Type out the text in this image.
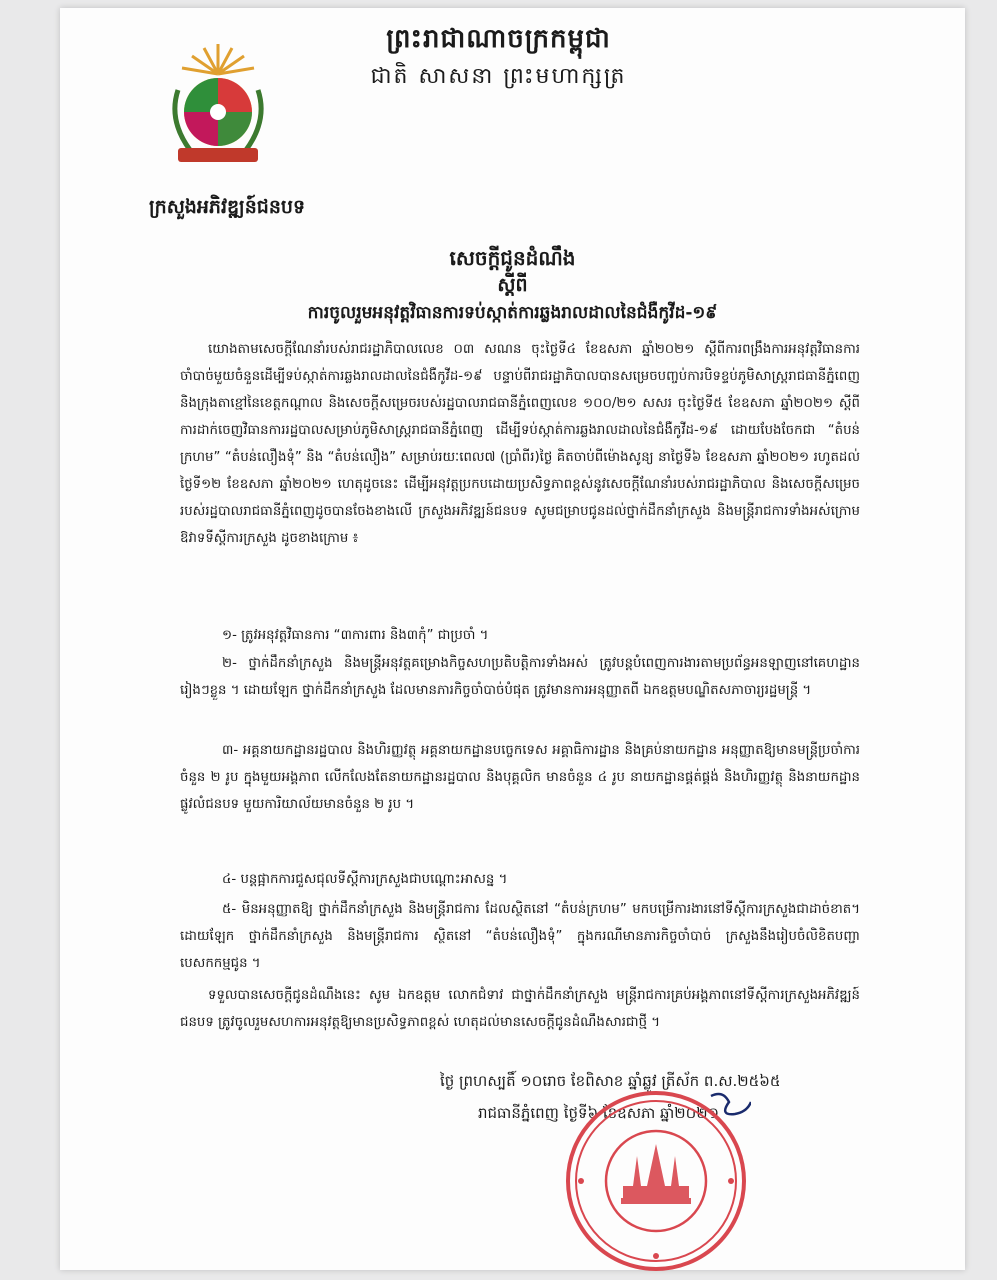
ព្រះរាជាណាចក្រកម្ពុជា
ជាតិ សាសនា ព្រះមហាក្សត្រ
ក្រសួងអភិវឌ្ឍន៍ជនបទ
សេចក្ដីជូនដំណឹង
ស្ដីពី
ការចូលរួមអនុវត្តវិធានការទប់ស្កាត់ការឆ្លងរាលដាលនៃជំងឺកូវីដ-១៩
យោងតាមសេចក្តីណែនាំរបស់រាជរដ្ឋាភិបាលលេខ ០៣ សណន ចុះថ្ងៃទី៤ ខែឧសភា ឆ្នាំ២០២១ ស្តីពីការពង្រឹងការអនុវត្តវិធានការចាំបាច់មួយចំនួនដើម្បីទប់ស្កាត់ការឆ្លងរាលដាលនៃជំងឺកូវីដ-១៩ បន្ទាប់ពីរាជរដ្ឋាភិបាលបានសម្រេចបញ្ចប់ការបិទខ្ទប់ភូមិសាស្ត្ររាជធានីភ្នំពេញ និងក្រុងតាខ្មៅនៃខេត្តកណ្តាល និងសេចក្តីសម្រេចរបស់រដ្ឋបាលរាជធានីភ្នំពេញលេខ ១០០/២១ សសរ ចុះថ្ងៃទី៥ ខែឧសភា ឆ្នាំ២០២១ ស្តីពីការដាក់ចេញវិធានការរដ្ឋបាលសម្រាប់ភូមិសាស្ត្ររាជធានីភ្នំពេញ ដើម្បីទប់ស្កាត់ការឆ្លងរាលដាលនៃជំងឺកូវីដ-១៩ ដោយបែងចែកជា “តំបន់ក្រហម” “តំបន់លឿងទុំ” និង “តំបន់លឿង” សម្រាប់រយៈពេល៧ (ប្រាំពីរ)ថ្ងៃ គិតចាប់ពីម៉ោងសូន្យ នាថ្ងៃទី៦ ខែឧសភា ឆ្នាំ២០២១ រហូតដល់ថ្ងៃទី១២ ខែឧសភា ឆ្នាំ២០២១ ហេតុដូចនេះ ដើម្បីអនុវត្តប្រកបដោយប្រសិទ្ធភាពខ្ពស់នូវសេចក្តីណែនាំរបស់រាជរដ្ឋាភិបាល និងសេចក្តីសម្រេចរបស់រដ្ឋបាលរាជធានីភ្នំពេញដូចបានចែងខាងលើ ក្រសួងអភិវឌ្ឍន៍ជនបទ សូមជម្រាបជូនដល់ថ្នាក់ដឹកនាំក្រសួង និងមន្ត្រីរាជការទាំងអស់ក្រោមឱវាទទីស្តីការក្រសួង ដូចខាងក្រោម ៖
១- ត្រូវអនុវត្តវិធានការ “៣ការពារ និង៣កុំ” ជាប្រចាំ ។
២- ថ្នាក់ដឹកនាំក្រសួង និងមន្ត្រីអនុវត្តគម្រោងកិច្ចសហប្រតិបត្តិការទាំងអស់ ត្រូវបន្តបំពេញការងារតាមប្រព័ន្ធអនឡាញនៅគេហដ្ឋានរៀងៗខ្លួន ។ ដោយឡែក ថ្នាក់ដឹកនាំក្រសួង ដែលមានភារកិច្ចចាំបាច់បំផុត ត្រូវមានការអនុញ្ញាតពី ឯកឧត្តមបណ្ឌិតសភាចារ្យរដ្ឋមន្ត្រី ។
៣- អគ្គនាយកដ្ឋានរដ្ឋបាល និងហិរញ្ញវត្ថុ អគ្គនាយកដ្ឋានបច្ចេកទេស អគ្គាធិការដ្ឋាន និងគ្រប់នាយកដ្ឋាន អនុញ្ញាតឱ្យមានមន្ត្រីប្រចាំការចំនួន ២ រូប ក្នុងមួយអង្គភាព លើកលែងតែនាយកដ្ឋានរដ្ឋបាល និងបុគ្គលិក មានចំនួន ៤ រូប នាយកដ្ឋានផ្គត់ផ្គង់ និងហិរញ្ញវត្ថុ និងនាយកដ្ឋានផ្លូវលំជនបទ មួយការិយាល័យមានចំនួន ២ រូប ។
៤- បន្តផ្អាកការជួសជុលទីស្តីការក្រសួងជាបណ្តោះអាសន្ន ។
៥- មិនអនុញ្ញាតឱ្យ ថ្នាក់ដឹកនាំក្រសួង និងមន្ត្រីរាជការ ដែលស្ថិតនៅ “តំបន់ក្រហម” មកបម្រើការងារនៅទីស្តីការក្រសួងជាដាច់ខាត។ ដោយឡែក ថ្នាក់ដឹកនាំក្រសួង និងមន្ត្រីរាជការ ស្ថិតនៅ “តំបន់លឿងទុំ” ក្នុងករណីមានភារកិច្ចចាំបាច់ ក្រសួងនឹងរៀបចំលិខិតបញ្ជាបេសកកម្មជូន ។
ទទួលបានសេចក្តីជូនដំណឹងនេះ សូម ឯកឧត្តម លោកជំទាវ ជាថ្នាក់ដឹកនាំក្រសួង មន្ត្រីរាជការគ្រប់អង្គភាពនៅទីស្តីការក្រសួងអភិវឌ្ឍន៍ជនបទ ត្រូវចូលរួមសហការអនុវត្តឱ្យមានប្រសិទ្ធភាពខ្ពស់ ហេតុដល់មានសេចក្តីជូនដំណឹងសារជាថ្មី ។
ថ្ងៃ ព្រហស្បតិ៍ ១០រោច ខែពិសាខ ឆ្នាំឆ្លូវ ត្រីស័ក ព.ស.២៥៦៥
រាជធានីភ្នំពេញ ថ្ងៃទី៦ ខែឧសភា ឆ្នាំ២០២១
